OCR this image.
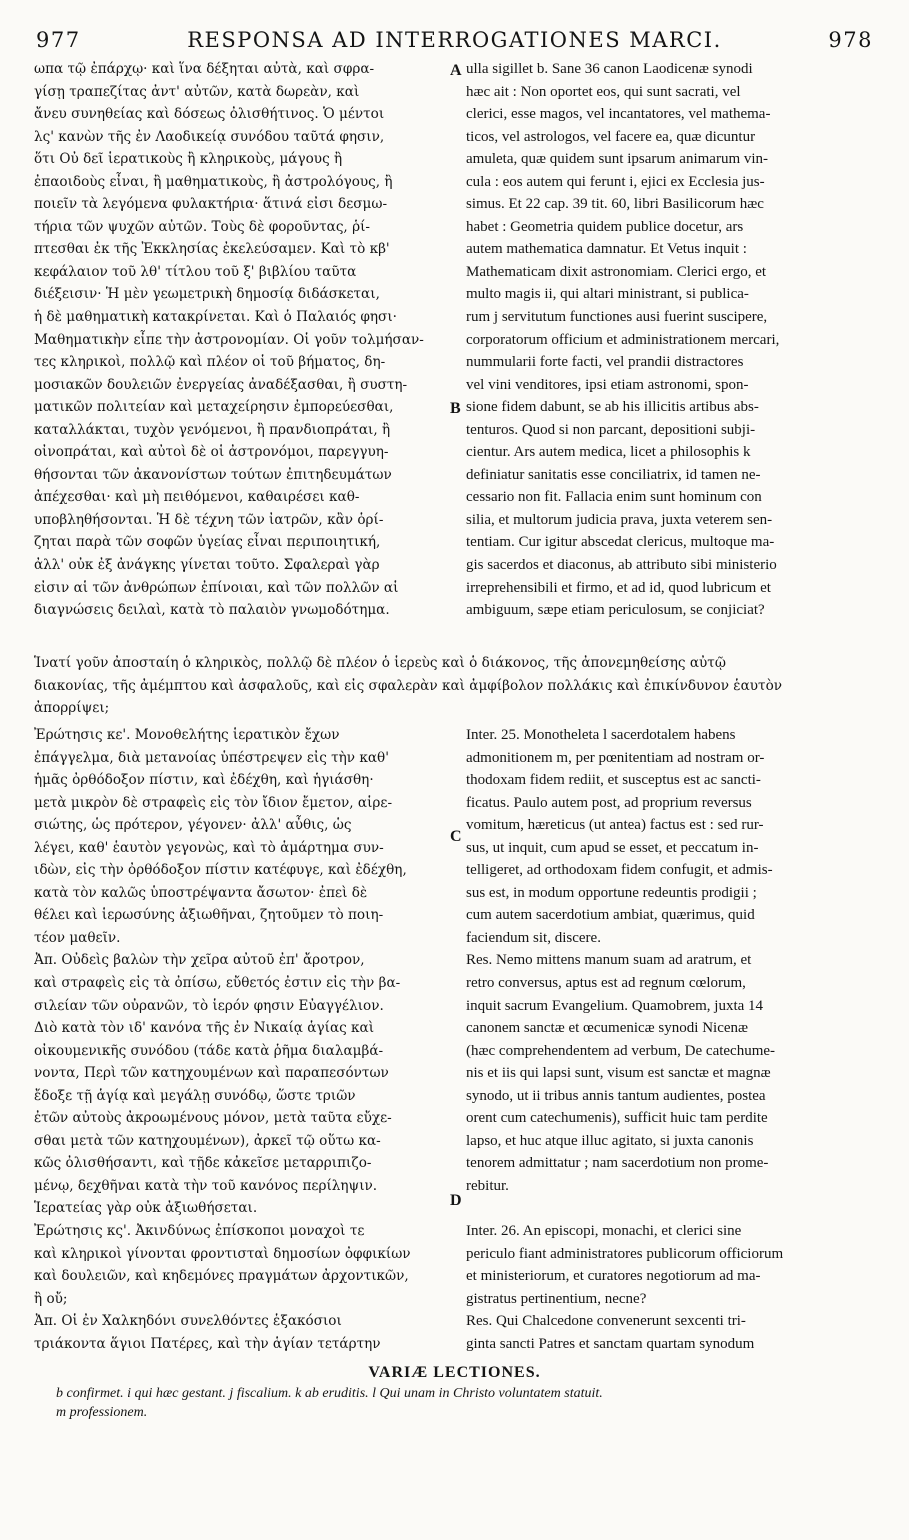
977	RESPONSA AD INTERROGATIONES MARCI.	978
ωπα τῷ ἐπάρχῳ· καὶ ἵνα δέξηται αὐτὰ, καὶ σφρα-
γίσῃ τραπεζίτας ἀντ' αὐτῶν, κατὰ δωρεὰν, καὶ
ἄνευ συνηθείας καὶ δόσεως ὀλισθήτινος. Ὁ μέντοι
λς' κανὼν τῆς ἐν Λαοδικείᾳ συνόδου ταῦτά φησιν,
ὅτι Οὐ δεῖ ἱερατικοὺς ἢ κληρικοὺς, μάγους ἢ
ἐπαοιδοὺς εἶναι, ἢ μαθηματικοὺς, ἢ ἀστρολόγους, ἢ
ποιεῖν τὰ λεγόμενα φυλακτήρια· ἅτινά εἰσι δεσμω-
τήρια τῶν ψυχῶν αὐτῶν. Τοὺς δὲ φοροῦντας, ῥί-
πτεσθαι ἐκ τῆς Ἐκκλησίας ἐκελεύσαμεν. Καὶ τὸ κβ'
κεφάλαιον τοῦ λθ' τίτλου τοῦ ξ' βιβλίου ταῦτα
διέξεισιν· Ἡ μὲν γεωμετρικὴ δημοσίᾳ διδάσκεται,
ἡ δὲ μαθηματικὴ κατακρίνεται. Καὶ ὁ Παλαιός φησι·
Μαθηματικὴν εἶπε τὴν ἀστρονομίαν. Οἱ γοῦν τολμήσαν-
τες κληρικοὶ, πολλῷ καὶ πλέον οἱ τοῦ βήματος, δη-
μοσιακῶν δουλειῶν ἐνεργείας ἀναδέξασθαι, ἢ συστη-
ματικῶν πολιτείαν καὶ μεταχείρησιν ἐμπορεύεσθαι,
καταλλάκται, τυχὸν γενόμενοι, ἢ πρανδιοπράται, ἢ
οἰνοπράται, καὶ αὐτοὶ δὲ οἱ ἀστρονόμοι, παρεγγυη-
θήσονται τῶν ἀκανονίστων τούτων ἐπιτηδευμάτων
ἀπέχεσθαι· καὶ μὴ πειθόμενοι, καθαιρέσει καθ-
υποβληθήσονται. Ἡ δὲ τέχνη τῶν ἰατρῶν, κἂν ὁρί-
ζηται παρὰ τῶν σοφῶν ὑγείας εἶναι περιποιητική,
ἀλλ' οὐκ ἐξ ἀνάγκης γίνεται τοῦτο. Σφαλεραὶ γὰρ
εἰσιν αἱ τῶν ἀνθρώπων ἐπίνοιαι, καὶ τῶν πολλῶν αἱ
διαγνώσεις δειλαὶ, κατὰ τὸ παλαιὸν γνωμοδότημα.
ulla sigillet b. Sane 36 canon Laodicenæ synodi
hæc ait : Non oportet eos, qui sunt sacrati, vel
clerici, esse magos, vel incantatores, vel mathema-
ticos, vel astrologos, vel facere ea, quæ dicuntur
amuleta, quæ quidem sunt ipsarum animarum vin-
cula : eos autem qui ferunt i, ejici ex Ecclesia jus-
simus. Et 22 cap. 39 tit. 60, libri Basilicorum hæc
habet : Geometria quidem publice docetur, ars
autem mathematica damnatur. Et Vetus inquit :
Mathematicam dixit astronomiam. Clerici ergo, et
multo magis ii, qui altari ministrant, si publica-
rum j servitutum functiones ausi fuerint suscipere,
corporatorum officium et administrationem mercari,
nummularii forte facti, vel prandii distractores
vel vini venditores, ipsi etiam astronomi, spon-
sione fidem dabunt, se ab his illicitis artibus abs-
tenturos. Quod si non parcant, depositioni subji-
cientur. Ars autem medica, licet a philosophis k
definiatur sanitatis esse conciliatrix, id tamen ne-
cessario non fit. Fallacia enim sunt hominum con
silia, et multorum judicia prava, juxta veterem sen-
tentiam. Cur igitur abscedat clericus, multoque ma-
gis sacerdos et diaconus, ab attributo sibi ministerio
irreprehensibili et firmo, et ad id, quod lubricum et
ambiguum, sæpe etiam periculosum, se conjiciat?
A
B
C
D
Ἱνατί γοῦν ἀποσταίη ὁ κληρικὸς, πολλῷ δὲ πλέον ὁ ἱερεὺς καὶ ὁ διάκονος, τῆς ἀπονεμηθείσης αὐτῷ
διακονίας, τῆς ἀμέμπτου καὶ ἀσφαλοῦς, καὶ εἰς σφαλερὰν καὶ ἀμφίβολον πολλάκις καὶ ἐπικίνδυνον ἑαυτὸν
ἀπορρίψει;
Ἐρώτησις κε'. Μονοθελήτης ἱερατικὸν ἔχων
ἐπάγγελμα, διὰ μετανοίας ὑπέστρεψεν εἰς τὴν καθ'
ἡμᾶς ὀρθόδοξον πίστιν, καὶ ἐδέχθη, καὶ ἡγιάσθη·
μετὰ μικρὸν δὲ στραφεὶς εἰς τὸν ἴδιον ἔμετον, αἱρε-
σιώτης, ὡς πρότερον, γέγονεν· ἀλλ' αὖθις, ὡς
λέγει, καθ' ἑαυτὸν γεγονὼς, καὶ τὸ ἁμάρτημα συν-
ιδὼν, εἰς τὴν ὀρθόδοξον πίστιν κατέφυγε, καὶ ἐδέχθη,
κατὰ τὸν καλῶς ὑποστρέψαντα ἄσωτον· ἐπεὶ δὲ
θέλει καὶ ἱερωσύνης ἀξιωθῆναι, ζητοῦμεν τὸ ποιη-
τέον μαθεῖν.
Ἀπ. Οὐδεὶς βαλὼν τὴν χεῖρα αὐτοῦ ἐπ' ἄροτρον,
καὶ στραφεὶς εἰς τὰ ὀπίσω, εὔθετός ἐστιν εἰς τὴν βα-
σιλείαν τῶν οὐρανῶν, τὸ ἱερόν φησιν Εὐαγγέλιον.
Διὸ κατὰ τὸν ιδ' κανόνα τῆς ἐν Νικαίᾳ ἁγίας καὶ
οἰκουμενικῆς συνόδου (τάδε κατὰ ῥῆμα διαλαμβά-
νοντα, Περὶ τῶν κατηχουμένων καὶ παραπεσόντων
ἔδοξε τῇ ἁγίᾳ καὶ μεγάλῃ συνόδῳ, ὥστε τριῶν
ἐτῶν αὐτοὺς ἀκροωμένους μόνον, μετὰ ταῦτα εὔχε-
σθαι μετὰ τῶν κατηχουμένων), ἀρκεῖ τῷ οὕτω κα-
κῶς ὀλισθήσαντι, καὶ τῇδε κἀκεῖσε μεταρριπιζο-
μένῳ, δεχθῆναι κατὰ τὴν τοῦ κανόνος περίληψιν.
Ἱερατείας γὰρ οὐκ ἀξιωθήσεται.
Ἐρώτησις κς'. Ἀκινδύνως ἐπίσκοποι μοναχοὶ τε
καὶ κληρικοὶ γίνονται φροντισταὶ δημοσίων ὀφφικίων
καὶ δουλειῶν, καὶ κηδεμόνες πραγμάτων ἀρχοντικῶν,
ἢ οὔ;
Ἀπ. Οἱ ἐν Χαλκηδόνι συνελθόντες ἑξακόσιοι
τριάκοντα ἅγιοι Πατέρες, καὶ τὴν ἁγίαν τετάρτην
Inter. 25. Monotheleta l sacerdotalem habens
admonitionem m, per pœnitentiam ad nostram or-
thodoxam fidem rediit, et susceptus est ac sancti-
ficatus. Paulo autem post, ad proprium reversus
vomitum, hæreticus (ut antea) factus est : sed rur-
sus, ut inquit, cum apud se esset, et peccatum in-
telligeret, ad orthodoxam fidem confugit, et admis-
sus est, in modum opportune redeuntis prodigii ;
cum autem sacerdotium ambiat, quærimus, quid
faciendum sit, discere.
Res. Nemo mittens manum suam ad aratrum, et
retro conversus, aptus est ad regnum cœlorum,
inquit sacrum Evangelium. Quamobrem, juxta 14
canonem sanctæ et œcumenicæ synodi Nicenæ
(hæc comprehendentem ad verbum, De catechume-
nis et iis qui lapsi sunt, visum est sanctæ et magnæ
synodo, ut ii tribus annis tantum audientes, postea
orent cum catechumenis), sufficit huic tam perdite
lapso, et huc atque illuc agitato, si juxta canonis
tenorem admittatur ; nam sacerdotium non prome-
rebitur.
Inter. 26. An episcopi, monachi, et clerici sine
periculo fiant administratores publicorum officiorum
et ministeriorum, et curatores negotiorum ad ma-
gistratus pertinentium, necne?
Res. Qui Chalcedone convenerunt sexcenti tri-
ginta sancti Patres et sanctam quartam synodum
VARIÆ LECTIONES.
b confirmet. i qui hæc gestant. j fiscalium. k ab eruditis. l Qui unam in Christo voluntatem statuit.
m professionem.
